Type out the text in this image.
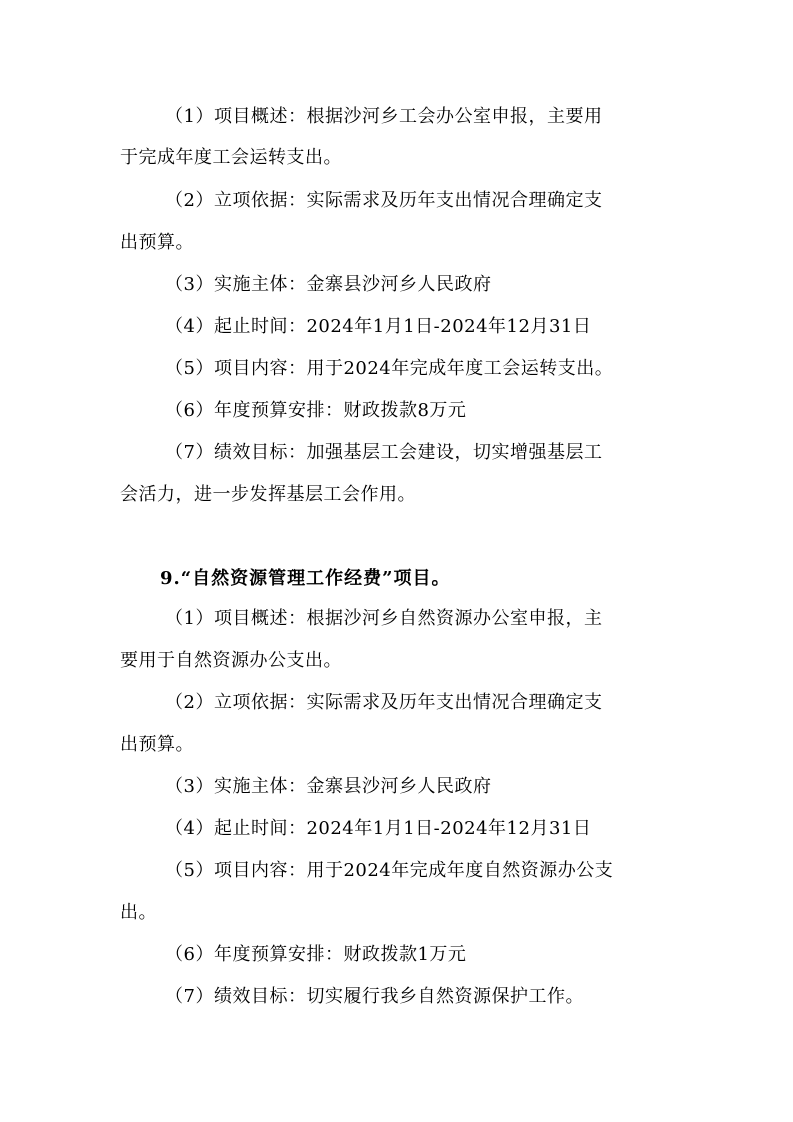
（1）项目概述：根据沙河乡工会办公室申报，主要用
于完成年度工会运转支出。
（2）立项依据：实际需求及历年支出情况合理确定支
出预算。
（3）实施主体：金寨县沙河乡人民政府
（4）起止时间：2024年1月1日-2024年12月31日
（5）项目内容：用于2024年完成年度工会运转支出。
（6）年度预算安排：财政拨款8万元
（7）绩效目标：加强基层工会建设，切实增强基层工
会活力，进一步发挥基层工会作用。
9.“自然资源管理工作经费”项目。
（1）项目概述：根据沙河乡自然资源办公室申报，主
要用于自然资源办公支出。
（2）立项依据：实际需求及历年支出情况合理确定支
出预算。
（3）实施主体：金寨县沙河乡人民政府
（4）起止时间：2024年1月1日-2024年12月31日
（5）项目内容：用于2024年完成年度自然资源办公支
出。
（6）年度预算安排：财政拨款1万元
（7）绩效目标：切实履行我乡自然资源保护工作。
